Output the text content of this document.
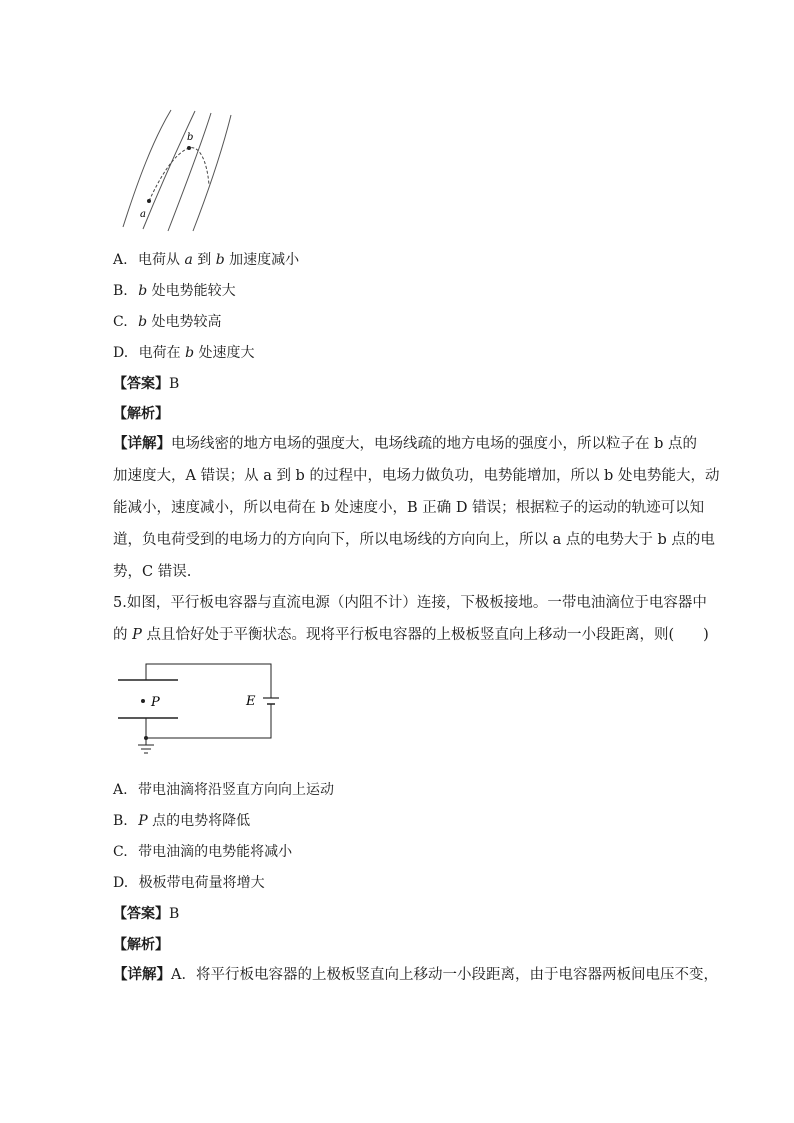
a
b
A. 电荷从 a 到 b 加速度减小
B. b 处电势能较大
C. b 处电势较高
D. 电荷在 b 处速度大
【答案】B
【解析】
【详解】电场线密的地方电场的强度大，电场线疏的地方电场的强度小，所以粒子在 b 点的
加速度大，A 错误；从 a 到 b 的过程中，电场力做负功，电势能增加，所以 b 处电势能大，动
能减小，速度减小，所以电荷在 b 处速度小，B 正确 D 错误；根据粒子的运动的轨迹可以知
道，负电荷受到的电场力的方向向下，所以电场线的方向向上，所以 a 点的电势大于 b 点的电
势，C 错误.
5.如图，平行板电容器与直流电源（内阻不计）连接，下极板接地。一带电油滴位于电容器中
的 P 点且恰好处于平衡状态。现将平行板电容器的上极板竖直向上移动一小段距离，则(　　)
P	E
A. 带电油滴将沿竖直方向向上运动
B. P 点的电势将降低
C. 带电油滴的电势能将减小
D. 极板带电荷量将增大
【答案】B
【解析】
【详解】A．将平行板电容器的上极板竖直向上移动一小段距离，由于电容器两板间电压不变，
